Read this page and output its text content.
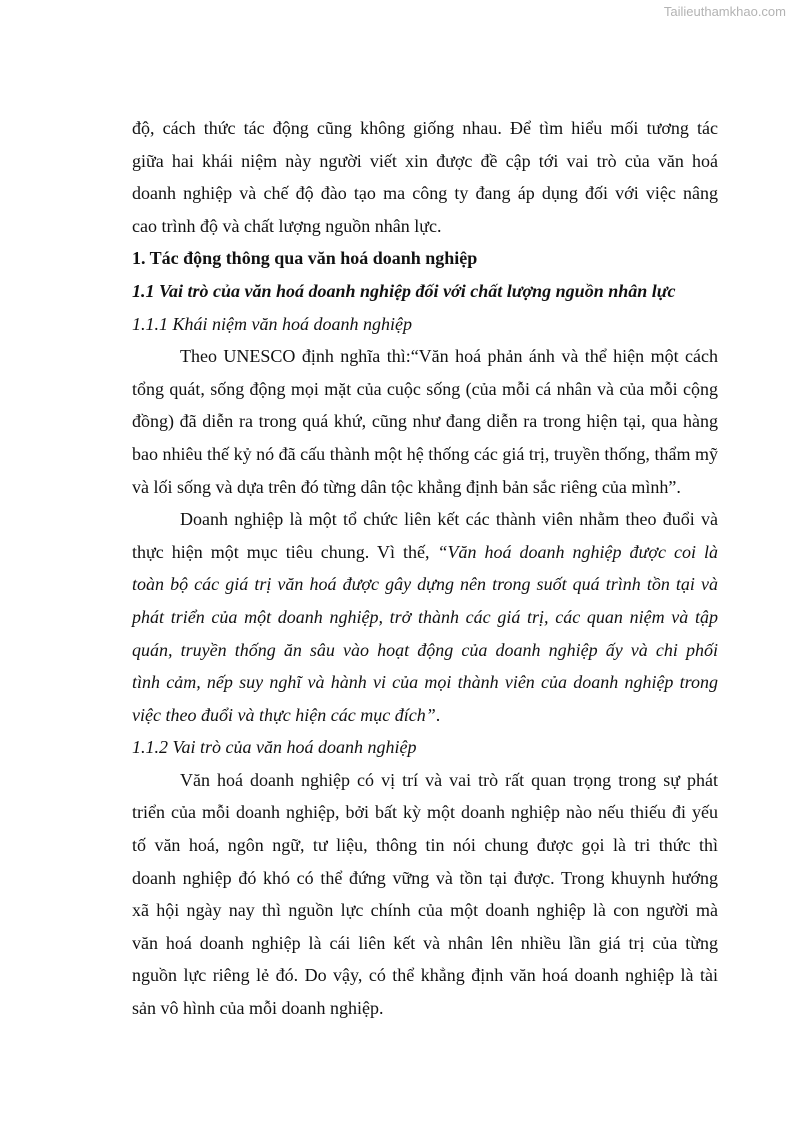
Tailieuthamkhao.com

độ, cách thức tác động cũng không giống nhau. Để tìm hiểu mối tương tác
giữa hai khái niệm này người viết xin được đề cập tới vai trò của văn hoá
doanh nghiệp và chế độ đào tạo ma công ty đang áp dụng đối với việc nâng
cao trình độ và chất lượng nguồn nhân lực.

1. Tác động thông qua văn hoá doanh nghiệp

1.1 Vai trò của văn hoá doanh nghiệp đối với chất lượng nguồn nhân lực

1.1.1 Khái niệm văn hoá doanh nghiệp

Theo UNESCO định nghĩa thì:“Văn hoá phản ánh và thể hiện một cách
tổng quát, sống động mọi mặt của cuộc sống (của mỗi cá nhân và của mỗi cộng
đồng) đã diễn ra trong quá khứ, cũng như đang diễn ra trong hiện tại, qua hàng
bao nhiêu thế kỷ nó đã cấu thành một hệ thống các giá trị, truyền thống, thẩm mỹ
và lối sống và dựa trên đó từng dân tộc khẳng định bản sắc riêng của mình”.

Doanh nghiệp là một tổ chức liên kết các thành viên nhằm theo đuổi và
thực hiện một mục tiêu chung. Vì thế, “Văn hoá doanh nghiệp được coi là
toàn bộ các giá trị văn hoá được gây dựng nên trong suốt quá trình tồn tại và
phát triển của một doanh nghiệp, trở thành các giá trị, các quan niệm và tập
quán, truyền thống ăn sâu vào hoạt động của doanh nghiệp ấy và chi phối
tình cảm, nếp suy nghĩ và hành vi của mọi thành viên của doanh nghiệp trong
việc theo đuổi và thực hiện các mục đích”.

1.1.2 Vai trò của văn hoá doanh nghiệp

Văn hoá doanh nghiệp có vị trí và vai trò rất quan trọng trong sự phát
triển của mỗi doanh nghiệp, bởi bất kỳ một doanh nghiệp nào nếu thiếu đi yếu
tố văn hoá, ngôn ngữ, tư liệu, thông tin nói chung được gọi là tri thức thì
doanh nghiệp đó khó có thể đứng vững và tồn tại được. Trong khuynh hướng
xã hội ngày nay thì nguồn lực chính của một doanh nghiệp là con người mà
văn hoá doanh nghiệp là cái liên kết và nhân lên nhiều lần giá trị của từng
nguồn lực riêng lẻ đó. Do vậy, có thể khẳng định văn hoá doanh nghiệp là tài
sản vô hình của mỗi doanh nghiệp.
